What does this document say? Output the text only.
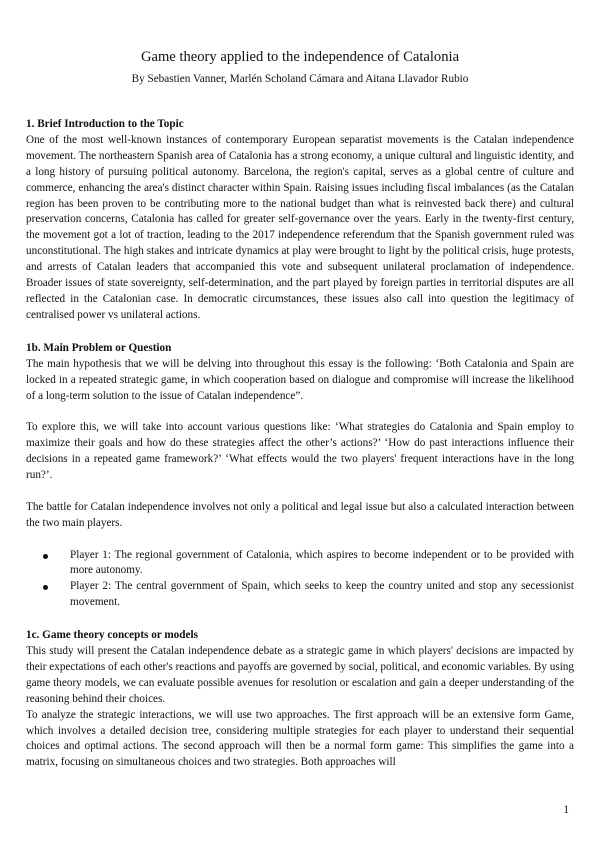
Game theory applied to the independence of Catalonia
By Sebastien Vanner, Marlén Scholand Cámara and Aitana Llavador Rubio
1. Brief Introduction to the Topic

One of the most well-known instances of contemporary European separatist movements is the Catalan independence movement. The northeastern Spanish area of Catalonia has a strong economy, a unique cultural and linguistic identity, and a long history of pursuing political autonomy. Barcelona, the region's capital, serves as a global centre of culture and commerce, enhancing the area's distinct character within Spain. Raising issues including fiscal imbalances (as the Catalan region has been proven to be contributing more to the national budget than what is reinvested back there) and cultural preservation concerns, Catalonia has called for greater self-governance over the years. Early in the twenty-first century, the movement got a lot of traction, leading to the 2017 independence referendum that the Spanish government ruled was unconstitutional. The high stakes and intricate dynamics at play were brought to light by the political crisis, huge protests, and arrests of Catalan leaders that accompanied this vote and subsequent unilateral proclamation of independence. Broader issues of state sovereignty, self-determination, and the part played by foreign parties in territorial disputes are all reflected in the Catalonian case. In democratic circumstances, these issues also call into question the legitimacy of centralised power vs unilateral actions.

1b. Main Problem or Question

The main hypothesis that we will be delving into throughout this essay is the following: ‘Both Catalonia and Spain are locked in a repeated strategic game, in which cooperation based on dialogue and compromise will increase the likelihood of a long-term solution to the issue of Catalan independence”.

To explore this, we will take into account various questions like: ‘What strategies do Catalonia and Spain employ to maximize their goals and how do these strategies affect the other’s actions?’ ‘How do past interactions influence their decisions in a repeated game framework?’ ‘What effects would the two players' frequent interactions have in the long run?’.

The battle for Catalan independence involves not only a political and legal issue but also a calculated interaction between the two main players.

Player 1: The regional government of Catalonia, which aspires to become independent or to be provided with more autonomy.
Player 2: The central government of Spain, which seeks to keep the country united and stop any secessionist movement.
1c. Game theory concepts or models

This study will present the Catalan independence debate as a strategic game in which players' decisions are impacted by their expectations of each other's reactions and payoffs are governed by social, political, and economic variables. By using game theory models, we can evaluate possible avenues for resolution or escalation and gain a deeper understanding of the reasoning behind their choices.

To analyze the strategic interactions, we will use two approaches. The first approach will be an extensive form Game, which involves a detailed decision tree, considering multiple strategies for each player to understand their sequential choices and optimal actions. The second approach will then be a normal form game: This simplifies the game into a matrix, focusing on simultaneous choices and two strategies. Both approaches will

1
